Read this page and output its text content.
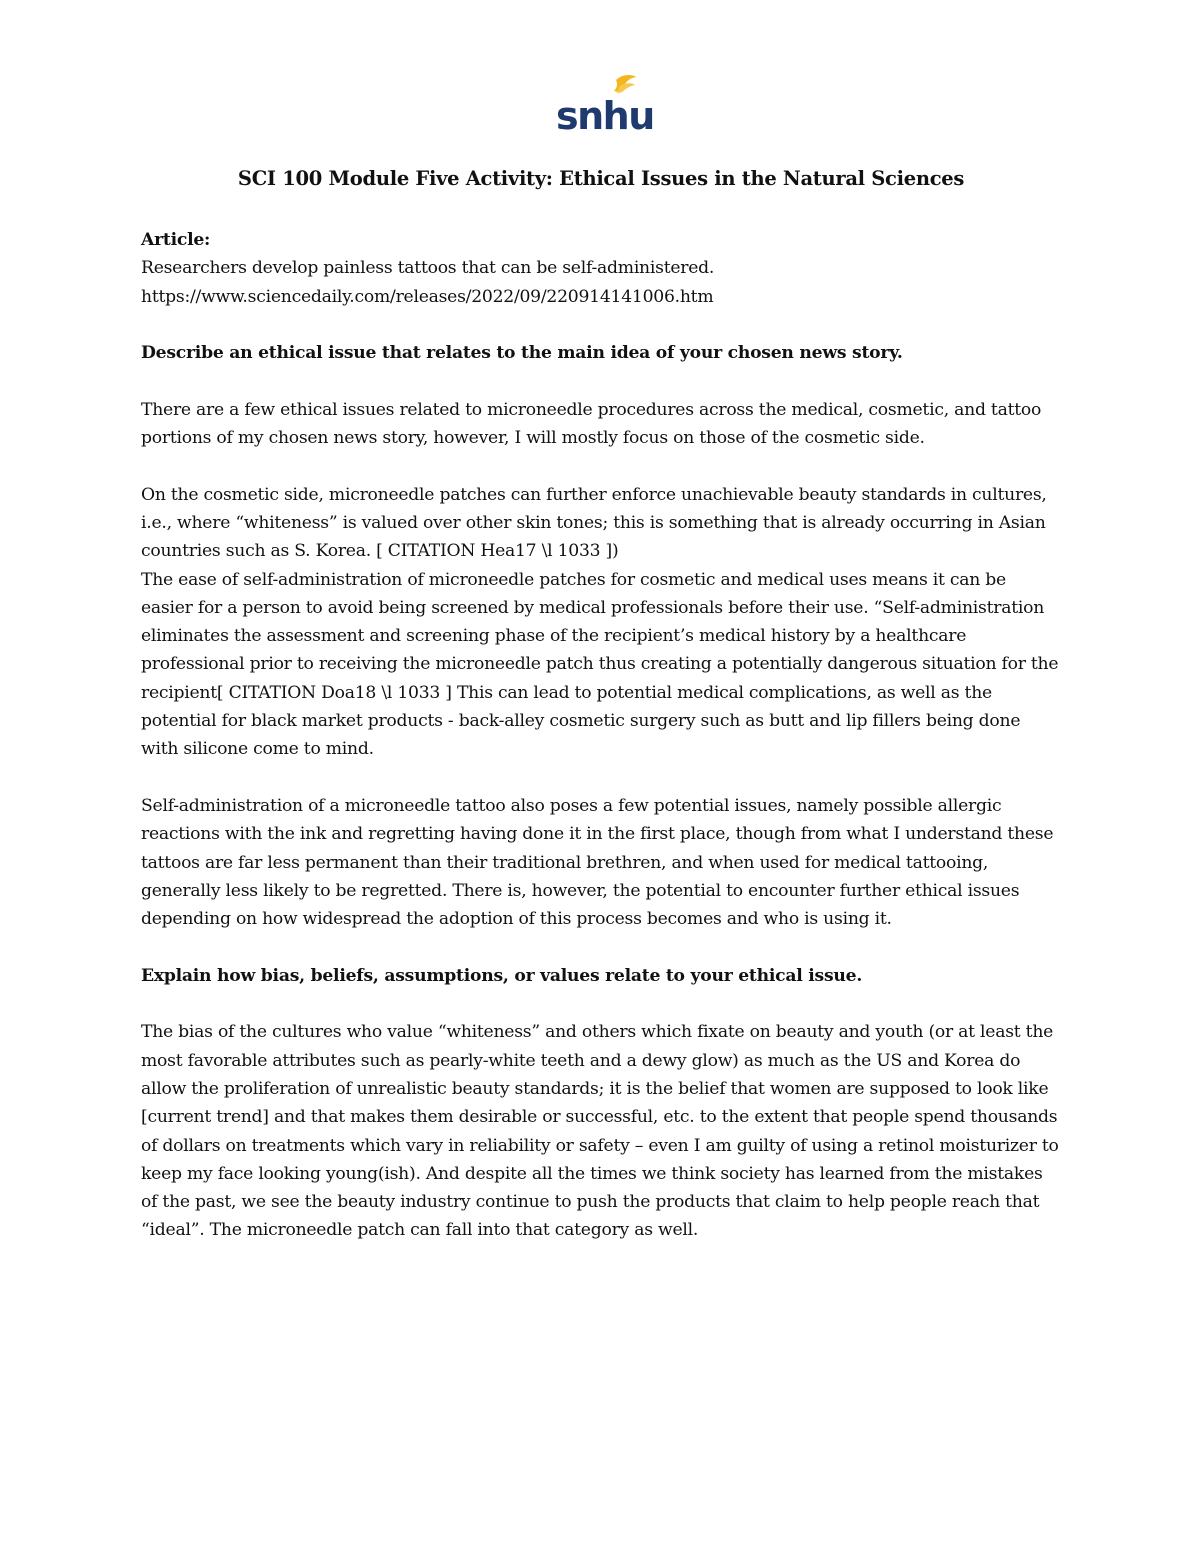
snhu
SCI 100 Module Five Activity: Ethical Issues in the Natural Sciences

Article:

Researchers develop painless tattoos that can be self-administered.

https://www.sciencedaily.com/releases/2022/09/220914141006.htm

Describe an ethical issue that relates to the main idea of your chosen news story.

There are a few ethical issues related to microneedle procedures across the medical, cosmetic, and tattoo portions of my chosen news story, however, I will mostly focus on those of the cosmetic side.

On the cosmetic side, microneedle patches can further enforce unachievable beauty standards in cultures, i.e., where “whiteness” is valued over other skin tones; this is something that is already occurring in Asian countries such as S. Korea. [ CITATION Hea17 \l 1033 ])

The ease of self-administration of microneedle patches for cosmetic and medical uses means it can be easier for a person to avoid being screened by medical professionals before their use. “Self-administration eliminates the assessment and screening phase of the recipient’s medical history by a healthcare professional prior to receiving the microneedle patch thus creating a potentially dangerous situation for the recipient[ CITATION Doa18 \l 1033 ] This can lead to potential medical complications, as well as the potential for black market products - back-alley cosmetic surgery such as butt and lip fillers being done with silicone come to mind.

Self-administration of a microneedle tattoo also poses a few potential issues, namely possible allergic reactions with the ink and regretting having done it in the first place, though from what I understand these tattoos are far less permanent than their traditional brethren, and when used for medical tattooing, generally less likely to be regretted. There is, however, the potential to encounter further ethical issues depending on how widespread the adoption of this process becomes and who is using it.

Explain how bias, beliefs, assumptions, or values relate to your ethical issue.

The bias of the cultures who value “whiteness” and others which fixate on beauty and youth (or at least the most favorable attributes such as pearly-white teeth and a dewy glow) as much as the US and Korea do allow the proliferation of unrealistic beauty standards; it is the belief that women are supposed to look like [current trend] and that makes them desirable or successful, etc. to the extent that people spend thousands of dollars on treatments which vary in reliability or safety – even I am guilty of using a retinol moisturizer to keep my face looking young(ish). And despite all the times we think society has learned from the mistakes of the past, we see the beauty industry continue to push the products that claim to help people reach that “ideal”. The microneedle patch can fall into that category as well.
